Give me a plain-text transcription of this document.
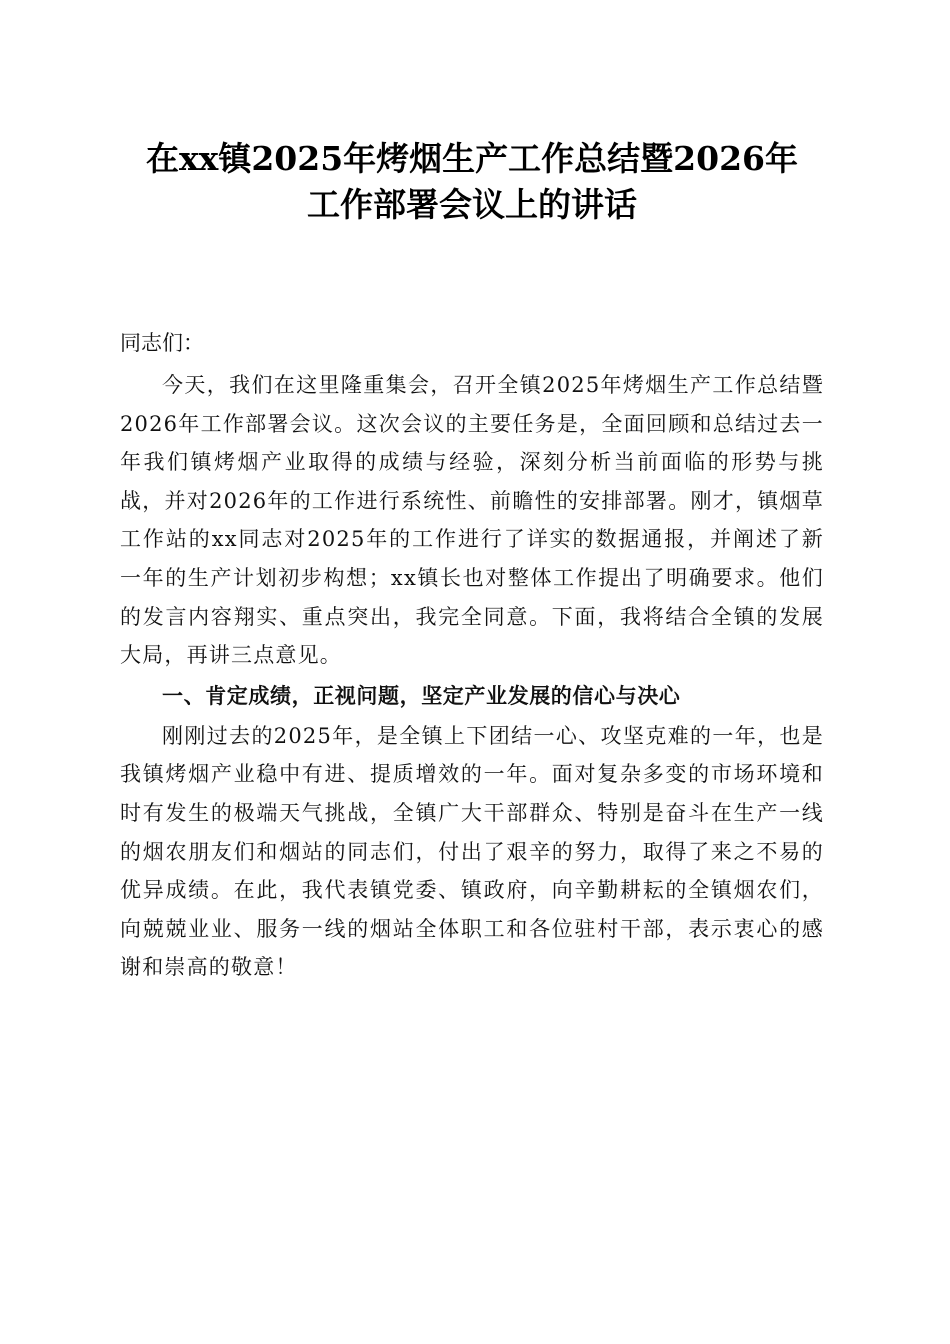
在xx镇2025年烤烟生产工作总结暨2026年
工作部署会议上的讲话

同志们：

今天，我们在这里隆重集会，召开全镇2025年烤烟生产工作总结暨2026年工作部署会议。这次会议的主要任务是，全面回顾和总结过去一年我们镇烤烟产业取得的成绩与经验，深刻分析当前面临的形势与挑战，并对2026年的工作进行系统性、前瞻性的安排部署。刚才，镇烟草工作站的xx同志对2025年的工作进行了详实的数据通报，并阐述了新一年的生产计划初步构想；xx镇长也对整体工作提出了明确要求。他们的发言内容翔实、重点突出，我完全同意。下面，我将结合全镇的发展大局，再讲三点意见。

一、肯定成绩，正视问题，坚定产业发展的信心与决心

刚刚过去的2025年，是全镇上下团结一心、攻坚克难的一年，也是我镇烤烟产业稳中有进、提质增效的一年。面对复杂多变的市场环境和时有发生的极端天气挑战，全镇广大干部群众、特别是奋斗在生产一线的烟农朋友们和烟站的同志们，付出了艰辛的努力，取得了来之不易的优异成绩。在此，我代表镇党委、镇政府，向辛勤耕耘的全镇烟农们，向兢兢业业、服务一线的烟站全体职工和各位驻村干部，表示衷心的感谢和崇高的敬意！
